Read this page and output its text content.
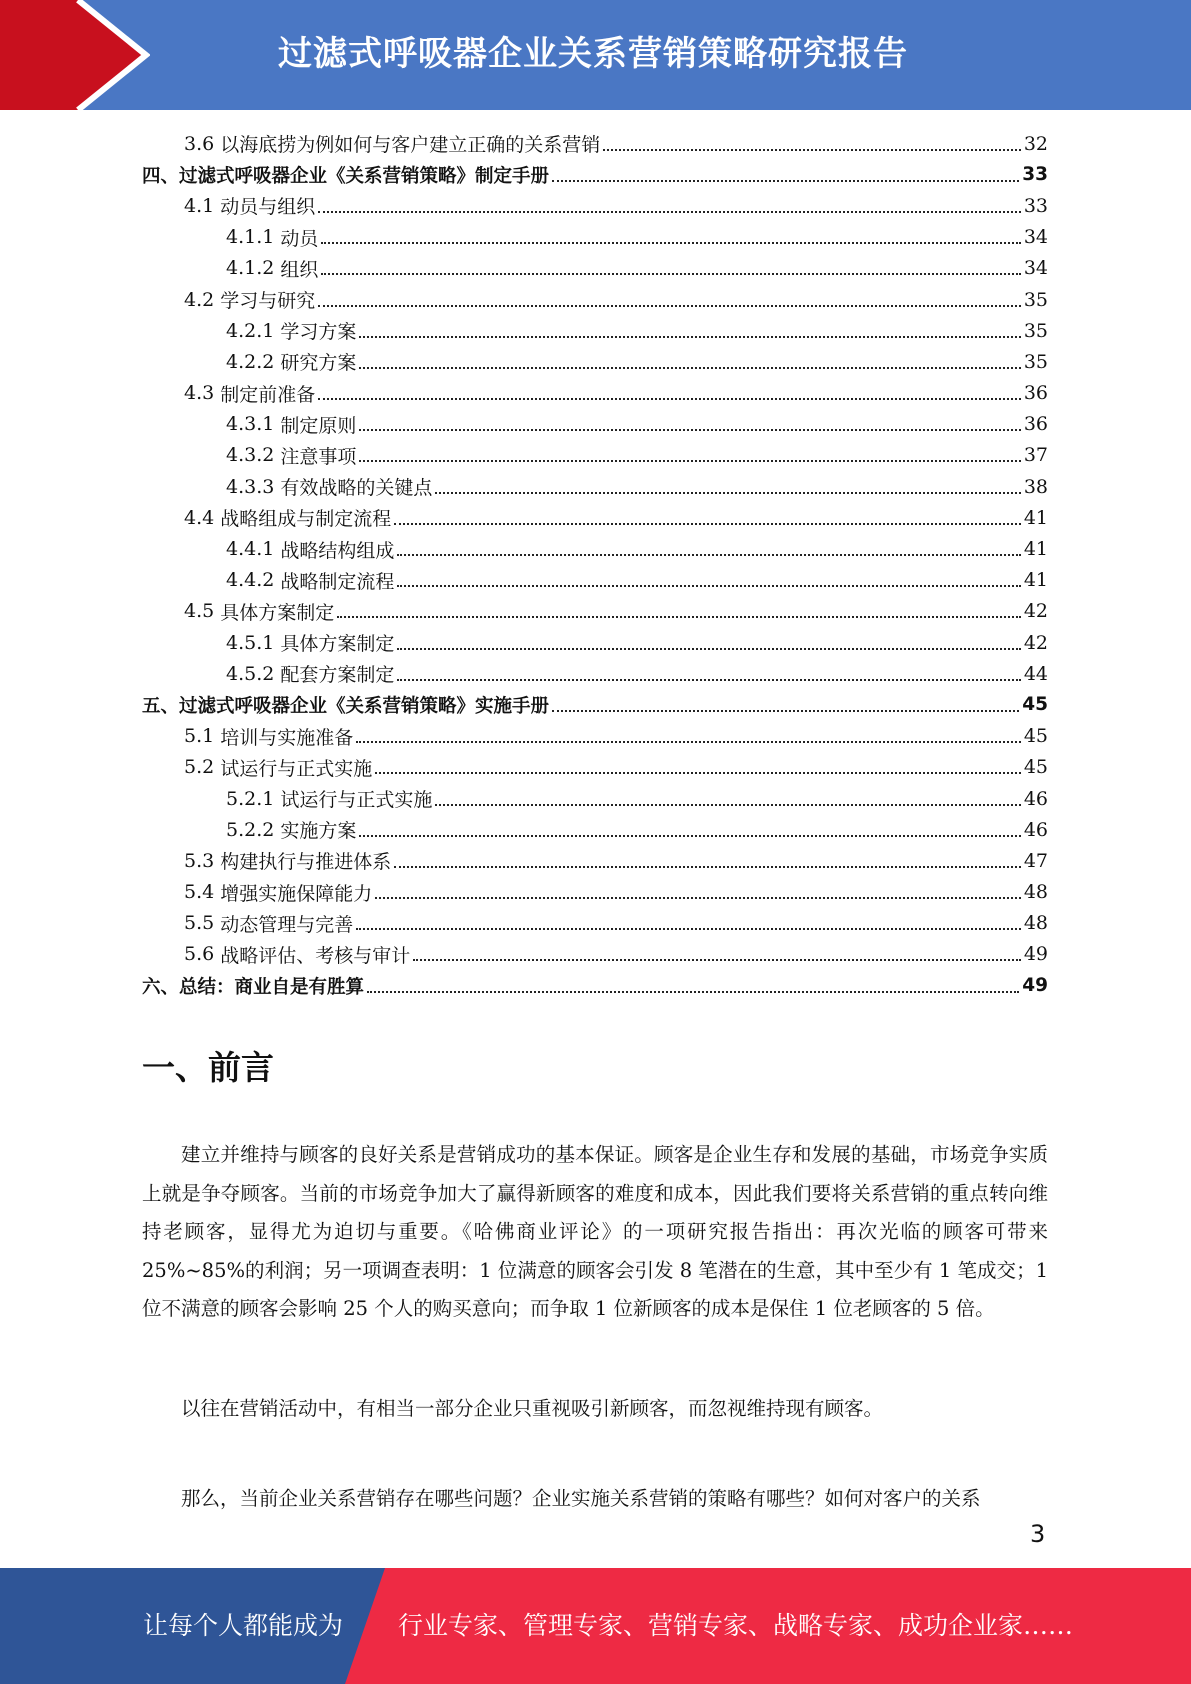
过滤式呼吸器企业关系营销策略研究报告
3.6 以海底捞为例如何与客户建立正确的关系营销	32
四、过滤式呼吸器企业《关系营销策略》制定手册	33
4.1 动员与组织	33
4.1.1 动员	34
4.1.2 组织	34
4.2 学习与研究	35
4.2.1 学习方案	35
4.2.2 研究方案	35
4.3 制定前准备	36
4.3.1 制定原则	36
4.3.2 注意事项	37
4.3.3 有效战略的关键点	38
4.4 战略组成与制定流程	41
4.4.1 战略结构组成	41
4.4.2 战略制定流程	41
4.5 具体方案制定	42
4.5.1 具体方案制定	42
4.5.2 配套方案制定	44
五、过滤式呼吸器企业《关系营销策略》实施手册	45
5.1 培训与实施准备	45
5.2 试运行与正式实施	45
5.2.1 试运行与正式实施	46
5.2.2 实施方案	46
5.3 构建执行与推进体系	47
5.4 增强实施保障能力	48
5.5 动态管理与完善	48
5.6 战略评估、考核与审计	49
六、总结：商业自是有胜算	49
一、前言

建立并维持与顾客的良好关系是营销成功的基本保证。顾客是企业生存和发展的基础，市场竞争实质上就是争夺顾客。当前的市场竞争加大了赢得新顾客的难度和成本，因此我们要将关系营销的重点转向维持老顾客，显得尤为迫切与重要。《哈佛商业评论》的一项研究报告指出：再次光临的顾客可带来 25%~85%的利润；另一项调查表明：1 位满意的顾客会引发 8 笔潜在的生意，其中至少有 1 笔成交；1 位不满意的顾客会影响 25 个人的购买意向；而争取 1 位新顾客的成本是保住 1 位老顾客的 5 倍。

以往在营销活动中，有相当一部分企业只重视吸引新顾客，而忽视维持现有顾客。

那么，当前企业关系营销存在哪些问题？企业实施关系营销的策略有哪些？如何对客户的关系

3
让每个人都能成为 行业专家、管理专家、营销专家、战略专家、成功企业家……
